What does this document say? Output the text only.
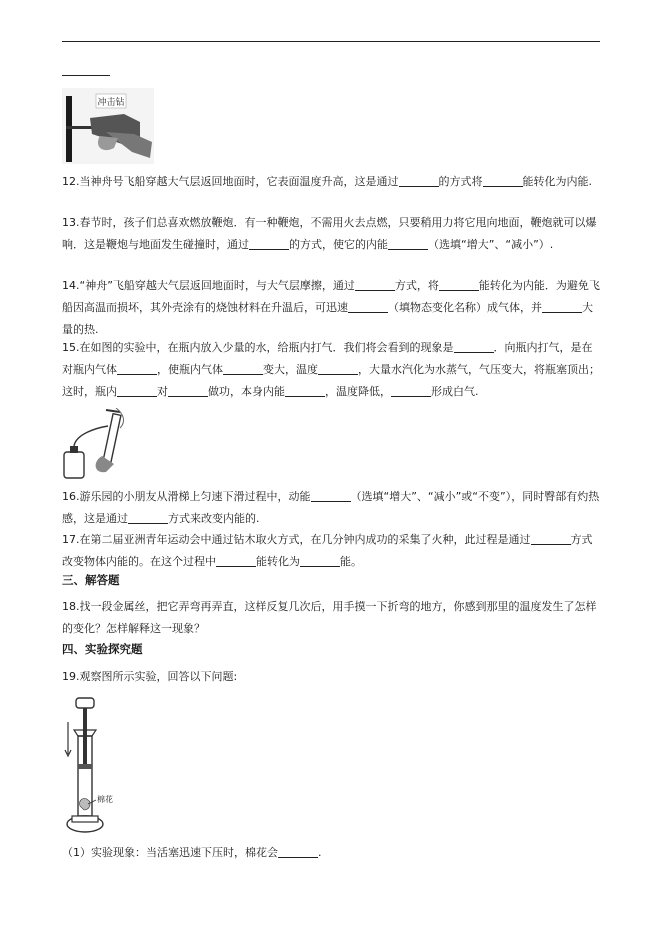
冲击钻
12.当神舟号飞船穿越大气层返回地面时，它表面温度升高，这是通过	的方式将	能转化为内能.
13.春节时，孩子们总喜欢燃放鞭炮．有一种鞭炮，不需用火去点燃，只要稍用力将它甩向地面，鞭炮就可以爆响．这是鞭炮与地面发生碰撞时，通过	的方式，使它的内能	（选填“增大”、“减小”）.
14.“神舟”飞船穿越大气层返回地面时，与大气层摩擦，通过	方式，将	能转化为内能．为避免飞船因高温而损坏，其外壳涂有的烧蚀材料在升温后，可迅速	（填物态变化名称）成气体，并	大量的热.
15.在如图的实验中，在瓶内放入少量的水，给瓶内打气．我们将会看到的现象是	．向瓶内打气，是在对瓶内气体	，使瓶内气体	变大，温度	，大量水汽化为水蒸气，气压变大，将瓶塞顶出；这时，瓶内	对	做功，本身内能	，温度降低，	形成白气.
16.游乐园的小朋友从滑梯上匀速下滑过程中，动能	（选填“增大”、“减小”或“不变”），同时臀部有灼热感，这是通过	方式来改变内能的.
17.在第二届亚洲青年运动会中通过钻木取火方式，在几分钟内成功的采集了火种，此过程是通过	方式改变物体内能的。在这个过程中	能转化为	能。
三、解答题
18.找一段金属丝，把它弄弯再弄直，这样反复几次后，用手摸一下折弯的地方，你感到那里的温度发生了怎样的变化？怎样解释这一现象？
四、实验探究题
19.观察图所示实验，回答以下问题:
棉花
（1）实验现象：当活塞迅速下压时，棉花会	.
